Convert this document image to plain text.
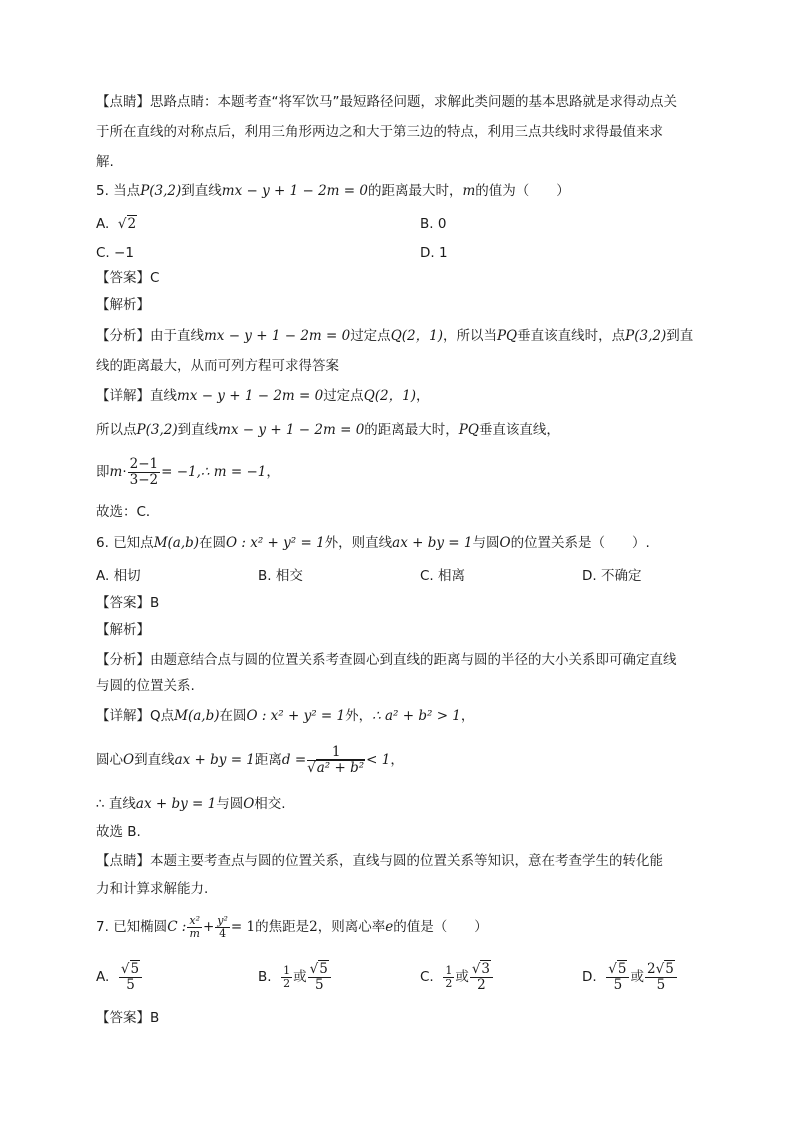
【点睛】思路点睛：本题考查“将军饮马”最短路径问题，求解此类问题的基本思路就是求得动点关
于所在直线的对称点后，利用三角形两边之和大于第三边的特点，利用三点共线时求得最值来求
解.
5. 当点P(3,2)到直线mx − y + 1 − 2m = 0的距离最大时，m的值为（　　）
A. √2	B. 0
C. −1	D. 1
【答案】C
【解析】
【分析】由于直线mx − y + 1 − 2m = 0过定点Q(2，1)，所以当PQ垂直该直线时，点P(3,2)到直
线的距离最大，从而可列方程可求得答案
【详解】直线mx − y + 1 − 2m = 0过定点Q(2，1)，
所以点P(3,2)到直线mx − y + 1 − 2m = 0的距离最大时，PQ垂直该直线，
即$m\cdot \frac{2-1}{3-2}$ = −1,∴ m = −1，
故选：C．
6. 已知点M(a,b)在圆O : x² + y² = 1外，则直线ax + by = 1与圆O的位置关系是（　　）.
A. 相切	B. 相交	C. 相离	D. 不确定
【答案】B
【解析】
【分析】由题意结合点与圆的位置关系考查圆心到直线的距离与圆的半径的大小关系即可确定直线
与圆的位置关系.
【详解】Q点M(a,b)在圆O : x² + y² = 1外，∴ a² + b² > 1，
圆心O到直线ax + by = 1距离$d = \frac{1}{\text{√a² + b²}} < 1$，
∴ 直线ax + by = 1与圆O相交.
故选 B.
【点睛】本题主要考查点与圆的位置关系，直线与圆的位置关系等知识，意在考查学生的转化能
力和计算求解能力.
7. 已知椭圆C : $\frac{\text{x²}}{m} + \frac{\text{y²}}{4} = 1$的焦距是2，则离心率e的值是（　　）
A. $\frac{√5}{5}$	B. $\frac{1}{2}$ 或 $\frac{√5}{5}$	C. $\frac{1}{2}$ 或 $\frac{√3}{2}$	D. $\frac{√5}{5}$ 或 $\frac{2√5}{5}$
【答案】B
